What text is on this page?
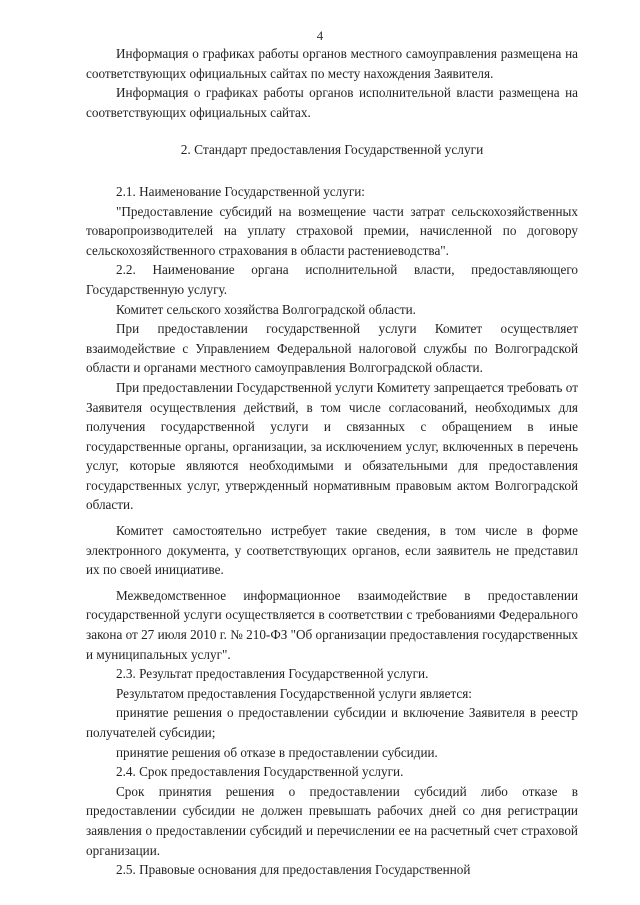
4

Информация о графиках работы органов местного самоуправления размещена на соответствующих официальных сайтах по месту нахождения Заявителя.

Информация о графиках работы органов исполнительной власти размещена на соответствующих официальных сайтах.

2. Стандарт предоставления Государственной услуги

2.1. Наименование Государственной услуги:

"Предоставление субсидий на возмещение части затрат сельскохозяйственных товаропроизводителей на уплату страховой премии, начисленной по договору сельскохозяйственного страхования в области растениеводства".

2.2. Наименование органа исполнительной власти, предоставляющего Государственную услугу.

Комитет сельского хозяйства Волгоградской области.

При предоставлении государственной услуги Комитет осуществляет взаимодействие с Управлением Федеральной налоговой службы по Волгоградской области и органами местного самоуправления Волгоградской области.

При предоставлении Государственной услуги Комитету запрещается требовать от Заявителя осуществления действий, в том числе согласований, необходимых для получения государственной услуги и связанных с обращением в иные государственные органы, организации, за исключением услуг, включенных в перечень услуг, которые являются необходимыми и обязательными для предоставления государственных услуг, утвержденный нормативным правовым актом Волгоградской области.

Комитет самостоятельно истребует такие сведения, в том числе в форме электронного документа, у соответствующих органов, если заявитель не представил их по своей инициативе.

Межведомственное информационное взаимодействие в предоставлении государственной услуги осуществляется в соответствии с требованиями Федерального закона от 27 июля 2010 г. № 210-ФЗ "Об организации предоставления государственных и муниципальных услуг".

2.3. Результат предоставления Государственной услуги.

Результатом предоставления Государственной услуги является:

принятие решения о предоставлении субсидии и включение Заявителя в реестр получателей субсидии;

принятие решения об отказе в предоставлении субсидии.

2.4. Срок предоставления Государственной услуги.

Срок принятия решения о предоставлении субсидий либо отказе в предоставлении субсидии не должен превышать рабочих дней со дня регистрации заявления о предоставлении субсидий и перечислении ее на расчетный счет страховой организации.

2.5. Правовые основания для предоставления Государственной
